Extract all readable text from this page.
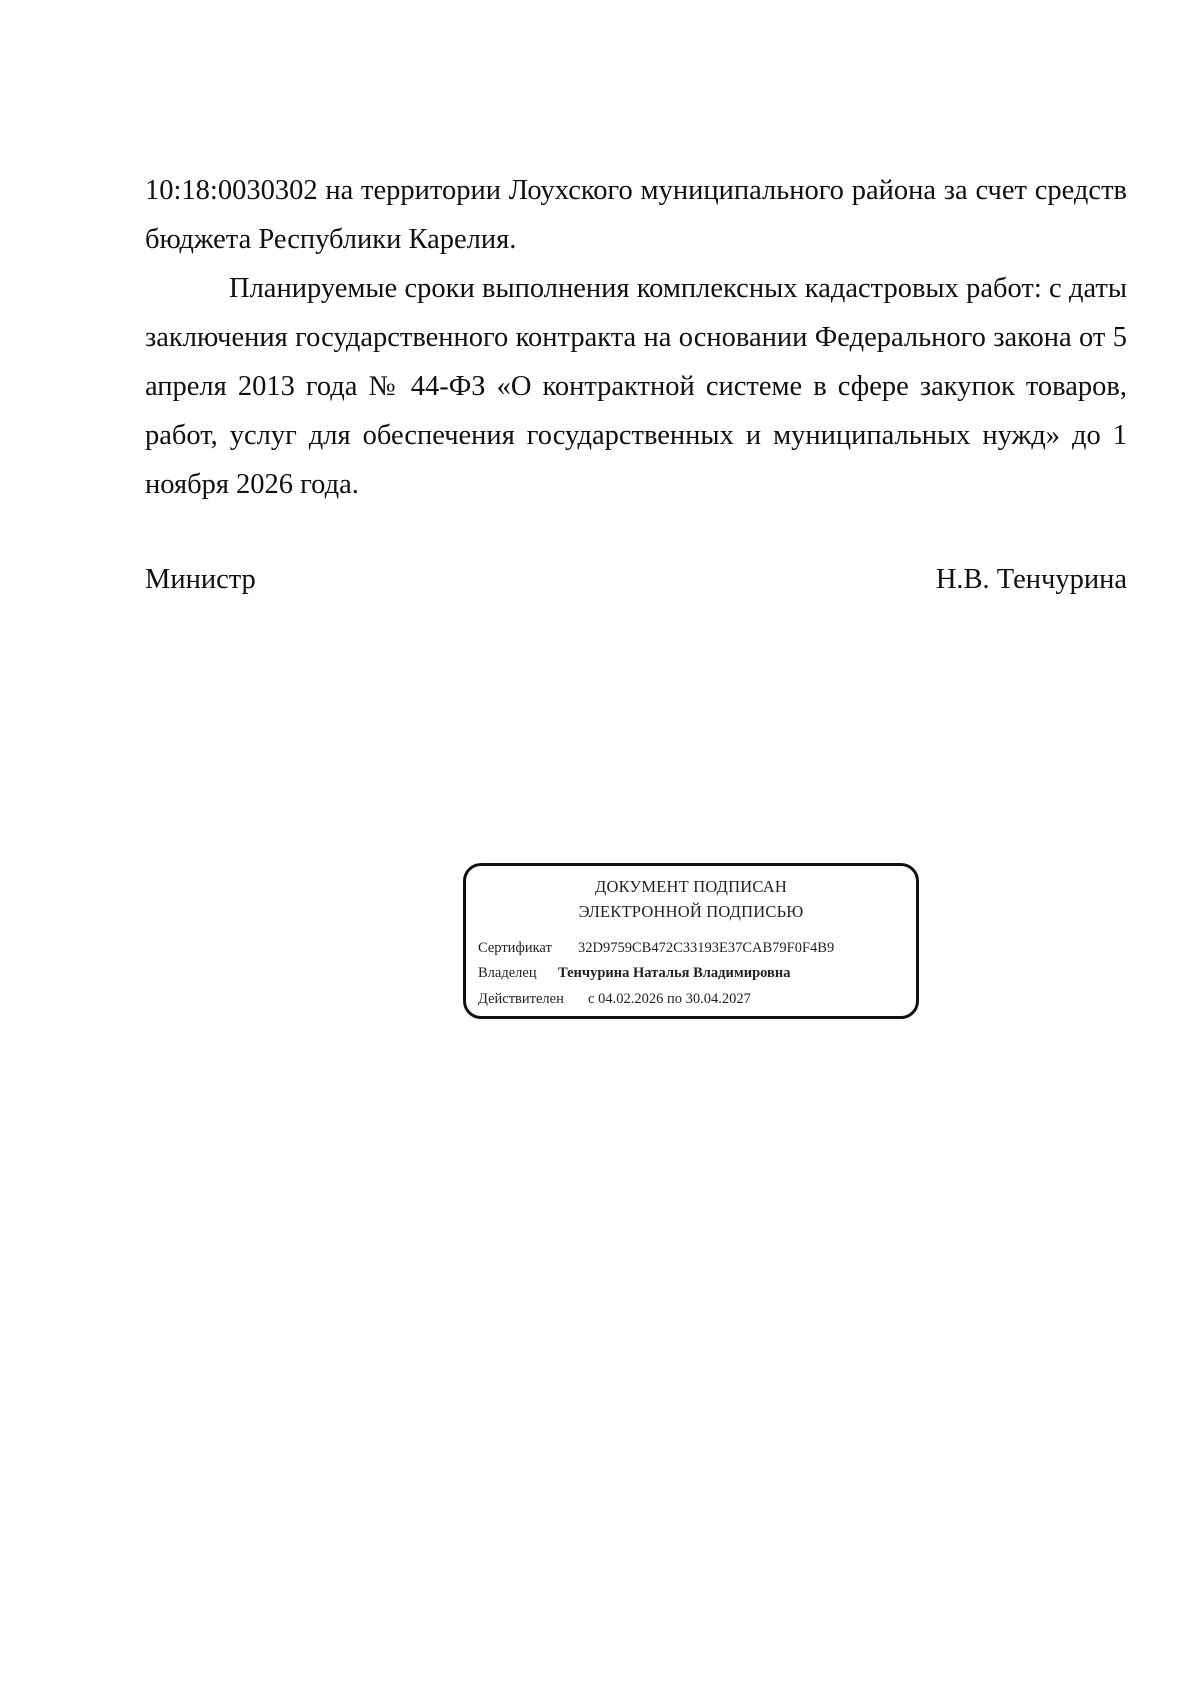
10:18:0030302 на территории Лоухского муниципального района за счет средств бюджета Республики Карелия.

Планируемые сроки выполнения комплексных кадастровых работ: с даты заключения государственного контракта на основании Федерального закона от 5 апреля 2013 года № 44-ФЗ «О контрактной системе в сфере закупок товаров, работ, услуг для обеспечения государственных и муниципальных нужд» до 1 ноября 2026 года.

Министр	Н.В. Тенчурина
ДОКУМЕНТ ПОДПИСАН
ЭЛЕКТРОННОЙ ПОДПИСЬЮ
Сертификат 32D9759CB472C33193E37CAB79F0F4B9
Владелец Тенчурина Наталья Владимировна
Действителен с 04.02.2026 по 30.04.2027
